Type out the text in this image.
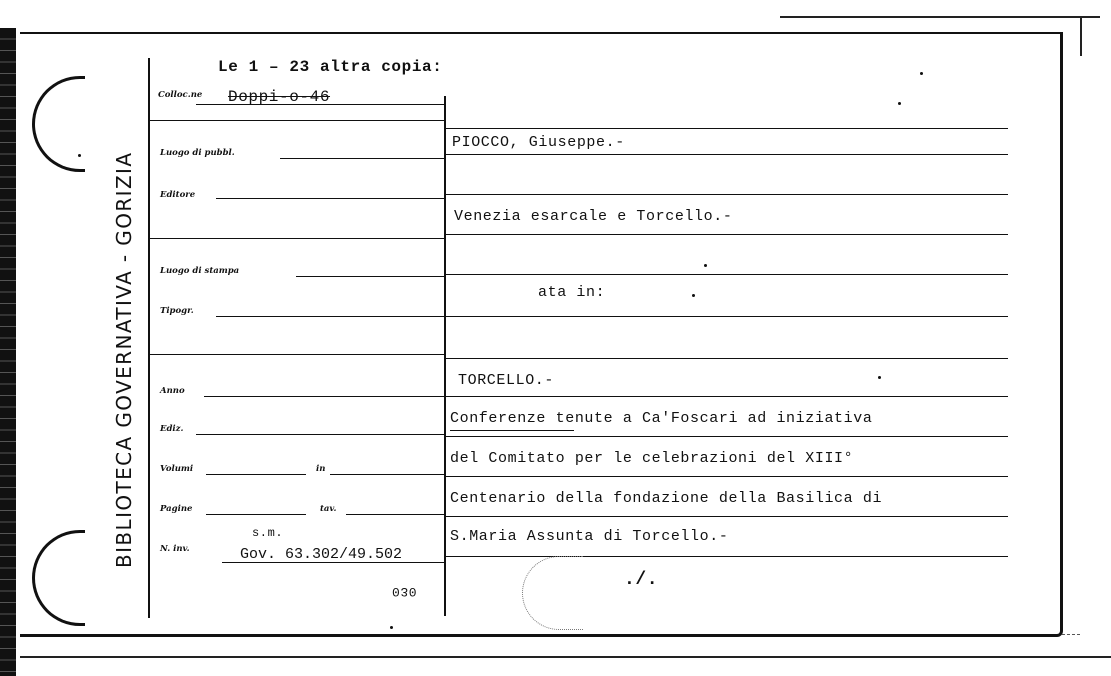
BIBLIOTECA GOVERNATIVA - GORIZIA
Le 1 – 23 altra copia:
Colloc.ne Doppi-o-46
Luogo di pubbl.
Editore
Luogo di stampa
Tipogr.
Anno
Ediz.
Volumi	in
Pagine	tav.
s.m.
N. inv.	Gov. 63.302/49.502
030
PIOCCO, Giuseppe.-
Venezia esarcale e Torcello.-
ata in:
TORCELLO.-
Conferenze tenute a Ca'Foscari ad iniziativa
del Comitato per le celebrazioni del XIII°
Centenario della fondazione della Basilica di
S.Maria Assunta di Torcello.-
./.
